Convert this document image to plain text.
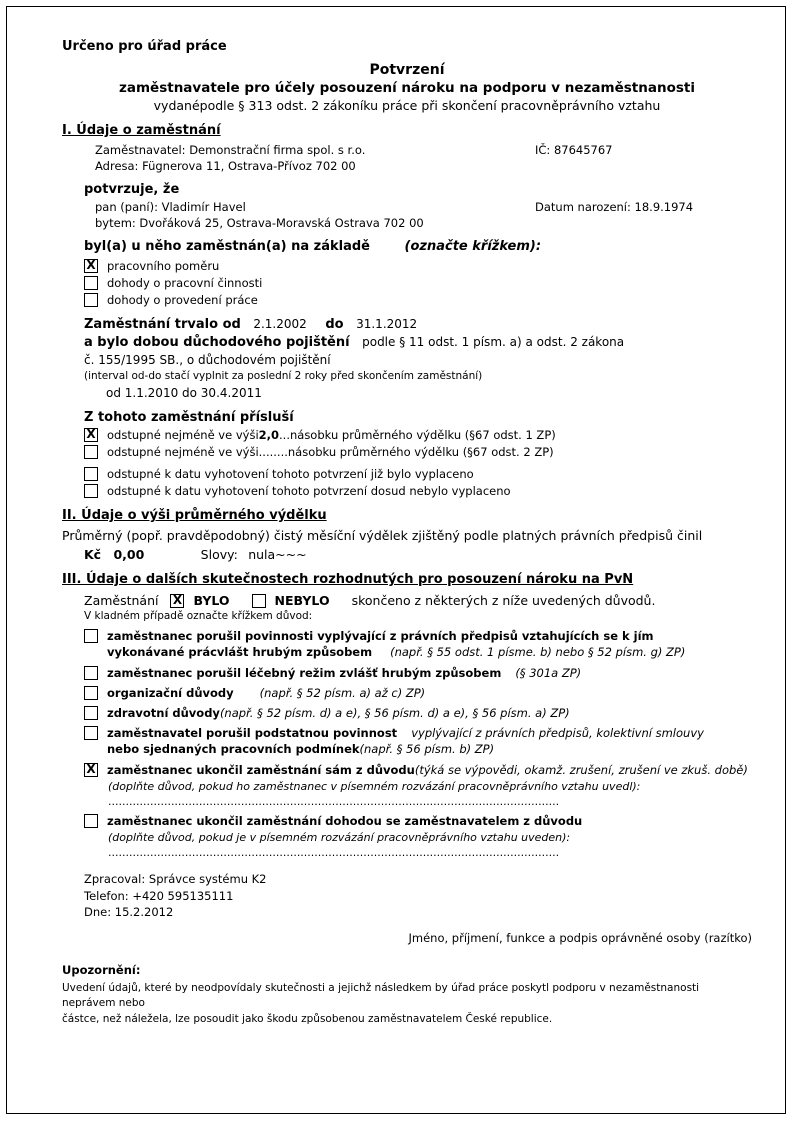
Určeno pro úřad práce
Potvrzení
zaměstnavatele pro účely posouzení nároku na podporu v nezaměstnanosti
vydanépodle § 313 odst. 2 zákoníku práce při skončení pracovněprávního vztahu
I. Údaje o zaměstnání
Zaměstnavatel: Demonstrační firma spol. s r.o.	IČ: 87645767
Adresa: Fügnerova 11, Ostrava-Přívoz 702 00
potvrzuje, že
pan (paní): Vladimír Havel	Datum narození: 18.9.1974
bytem: Dvořáková 25, Ostrava-Moravská Ostrava 702 00
byl(a) u něho zaměstnán(a) na základě	(označte křížkem):
X
pracovního poměru
dohody o pracovní činnosti
dohody o provedení práce
Zaměstnání trvalo od 2.1.2002 do 31.1.2012
a bylo dobou důchodového pojištění podle § 11 odst. 1 písm. a) a odst. 2 zákona
č. 155/1995 SB., o důchodovém pojištění
(interval od-do stačí vyplnit za poslední 2 roky před skončením zaměstnání)
od 1.1.2010 do 30.4.2011
Z tohoto zaměstnání přísluší
X
odstupné nejméně ve výši2,0...násobku průměrného výdělku (§67 odst. 1 ZP)
odstupné nejméně ve výši........násobku průměrného výdělku (§67 odst. 2 ZP)
odstupné k datu vyhotovení tohoto potvrzení již bylo vyplaceno
odstupné k datu vyhotovení tohoto potvrzení dosud nebylo vyplaceno
II. Údaje o výši průměrného výdělku
Průměrný (popř. pravděpodobný) čistý měsíční výdělek zjištěný podle platných právních předpisů činil
Kč 0,00	Slovy: nula~~~
III. Údaje o dalších skutečnostech rozhodnutých pro posouzení nároku na PvN
Zaměstnání X	BYLO	NEBYLO skončeno z některých z níže uvedených důvodů.
V kladném případě označte křížkem důvod:
zaměstnanec porušil povinnosti vyplývající z právních předpisů vztahujících se k jím
vykonávané prácvlášt hrubým způsobem (např. § 55 odst. 1 písme. b) nebo § 52 písm. g) ZP)
zaměstnanec porušil léčebný režim zvlášť hrubým způsobem (§ 301a ZP)
organizační důvody (např. § 52 písm. a) až c) ZP)
zdravotní důvody(např. § 52 písm. d) a e), § 56 písm. d) a e), § 56 písm. a) ZP)
zaměstnavatel porušil podstatnou povinnost vyplývající z právních předpisů, kolektivní smlouvy
nebo sjednaných pracovních podmínek(např. § 56 písm. b) ZP)
X
zaměstnanec ukončil zaměstnání sám z důvodu(týká se výpovědi, okamž. zrušení, zrušení ve zkuš. době)
(doplňte důvod, pokud ho zaměstnanec v písemném rozvázání pracovněprávního vztahu uvedl):
.................................................................................................................................
zaměstnanec ukončil zaměstnání dohodou se zaměstnavatelem z důvodu
(doplňte důvod, pokud je v písemném rozvázání pracovněprávního vztahu uveden):
.................................................................................................................................
Zpracoval: Správce systému K2
Telefon: +420 595135111
Dne: 15.2.2012
Jméno, příjmení, funkce a podpis oprávněné osoby (razítko)
Upozornění:
Uvedení údajů, které by neodpovídaly skutečnosti a jejichž následkem by úřad práce poskytl podporu v nezaměstnanosti neprávem nebo
částce, než náležela, lze posoudit jako škodu způsobenou zaměstnavatelem České republice.
